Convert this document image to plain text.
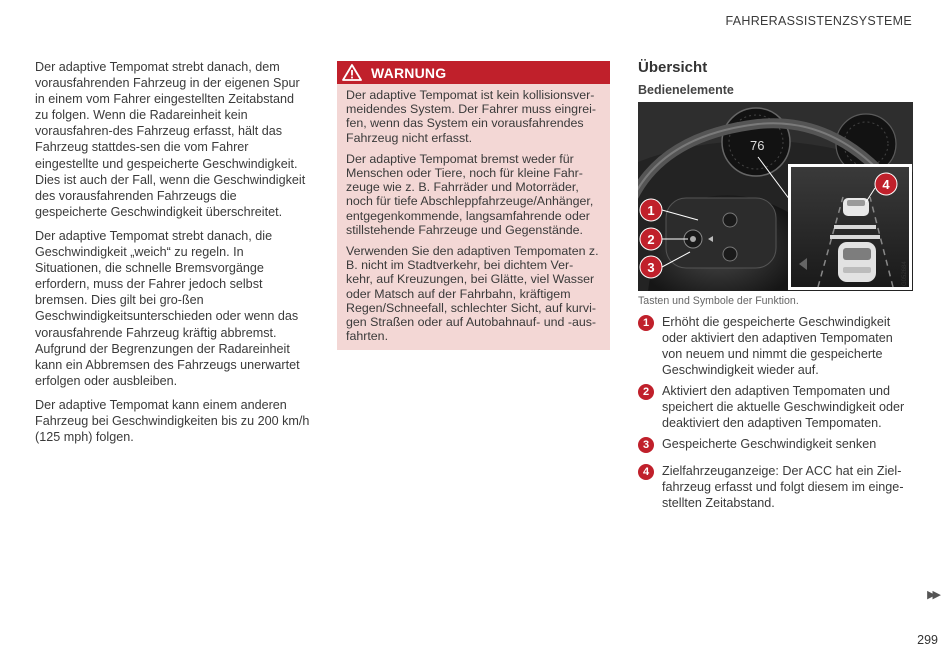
FAHRERASSISTENZSYSTEME

Der adaptive Tempomat strebt danach, dem vorausfahrenden Fahrzeug in der eigenen Spur in einem vom Fahrer eingestellten Zeitabstand zu folgen. Wenn die Radareinheit kein vorausfahren-des Fahrzeug erfasst, hält das Fahrzeug stattdes-sen die vom Fahrer eingestellte und gespeicherte Geschwindigkeit. Dies ist auch der Fall, wenn die Geschwindigkeit des vorausfahrenden Fahrzeugs die gespeicherte Geschwindigkeit überschreitet.

Der adaptive Tempomat strebt danach, die Geschwindigkeit „weich“ zu regeln. In Situationen, die schnelle Bremsvorgänge erfordern, muss der Fahrer jedoch selbst bremsen. Dies gilt bei gro-ßen Geschwindigkeitsunterschieden oder wenn das vorausfahrende Fahrzeug kräftig abbremst. Aufgrund der Begrenzungen der Radareinheit kann ein Abbremsen des Fahrzeugs unerwartet erfolgen oder ausbleiben.

Der adaptive Tempomat kann einem anderen Fahrzeug bei Geschwindigkeiten bis zu 200 km/h (125 mph) folgen.

WARNUNG

Der adaptive Tempomat ist kein kollisionsver-meidendes System. Der Fahrer muss eingrei-fen, wenn das System ein vorausfahrendes Fahrzeug nicht erfasst.

Der adaptive Tempomat bremst weder für Menschen oder Tiere, noch für kleine Fahr-zeuge wie z. B. Fahrräder und Motorräder, noch für tiefe Abschleppfahrzeuge/Anhänger, entgegenkommende, langsamfahrende oder stillstehende Fahrzeuge und Gegenstände.

Verwenden Sie den adaptiven Tempomaten z. B. nicht im Stadtverkehr, bei dichtem Ver-kehr, auf Kreuzungen, bei Glätte, viel Wasser oder Matsch auf der Fahrbahn, kräftigem Regen/Schneefall, schlechter Sicht, auf kurvi-gen Straßen oder auf Autobahnauf- und -aus-fahrten.

Übersicht
Bedienelemente
76
1
2
3
4
G052684
Tasten und Symbole der Funktion.
1	Erhöht die gespeicherte Geschwindigkeit oder aktiviert den adaptiven Tempomaten von neuem und nimmt die gespeicherte Geschwindigkeit wieder auf.
2	Aktiviert den adaptiven Tempomaten und speichert die aktuelle Geschwindigkeit oder deaktiviert den adaptiven Tempomaten.
3	Gespeicherte Geschwindigkeit senken
4	Zielfahrzeuganzeige: Der ACC hat ein Ziel-fahrzeug erfasst und folgt diesem im einge-stellten Zeitabstand.
▶▶
299
